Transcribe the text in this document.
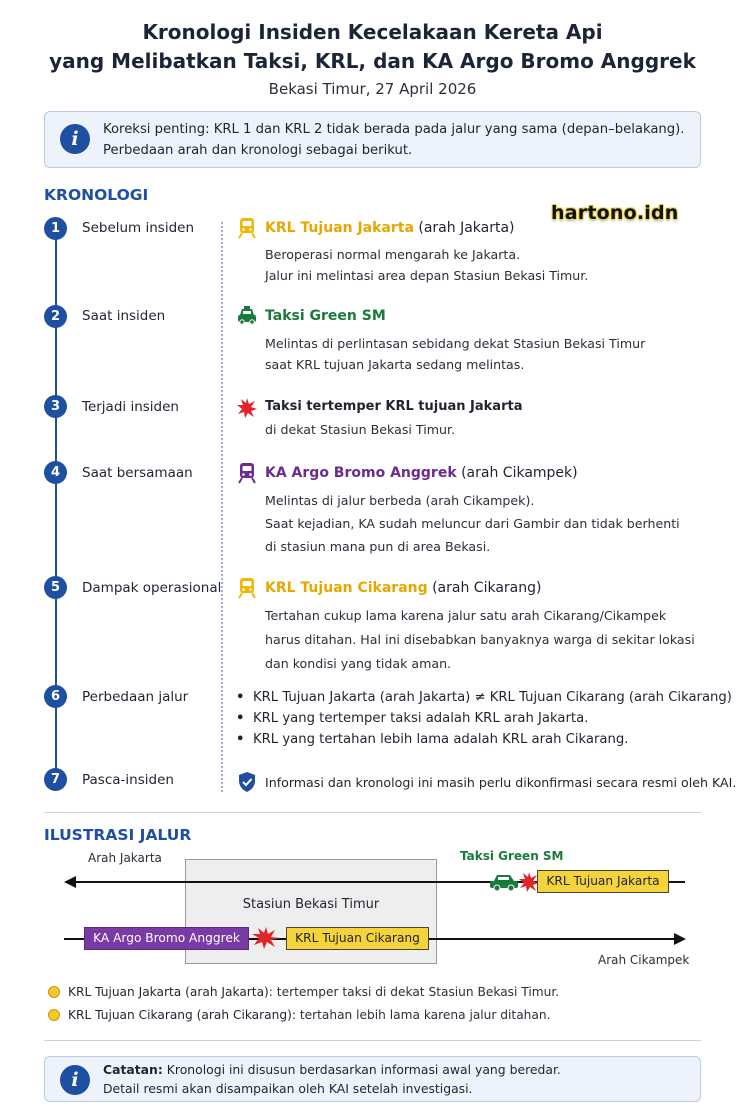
Kronologi Insiden Kecelakaan Kereta Api
yang Melibatkan Taksi, KRL, dan KA Argo Bromo Anggrek
Bekasi Timur, 27 April 2026
i	Koreksi penting: KRL 1 dan KRL 2 tidak berada pada jalur yang sama (depan–belakang).
Perbedaan arah dan kronologi sebagai berikut.
KRONOLOGI
hartono.idn
1	Sebelum insiden	KRL Tujuan Jakarta (arah Jakarta)
Beroperasi normal mengarah ke Jakarta.
Jalur ini melintasi area depan Stasiun Bekasi Timur.
2	Saat insiden	Taksi Green SM
Melintas di perlintasan sebidang dekat Stasiun Bekasi Timur
saat KRL tujuan Jakarta sedang melintas.
3	Terjadi insiden	Taksi tertemper KRL tujuan Jakarta
di dekat Stasiun Bekasi Timur.
4	Saat bersamaan	KA Argo Bromo Anggrek (arah Cikampek)
Melintas di jalur berbeda (arah Cikampek).
Saat kejadian, KA sudah meluncur dari Gambir dan tidak berhenti
di stasiun mana pun di area Bekasi.
5	Dampak operasional	KRL Tujuan Cikarang (arah Cikarang)
Tertahan cukup lama karena jalur satu arah Cikarang/Cikampek
harus ditahan. Hal ini disebabkan banyaknya warga di sekitar lokasi
dan kondisi yang tidak aman.
6	Perbedaan jalur	• KRL Tujuan Jakarta (arah Jakarta) ≠ KRL Tujuan Cikarang (arah Cikarang)
• KRL yang tertemper taksi adalah KRL arah Jakarta.
• KRL yang tertahan lebih lama adalah KRL arah Cikarang.
7	Pasca-insiden	Informasi dan kronologi ini masih perlu dikonfirmasi secara resmi oleh KAI.
ILUSTRASI JALUR
Stasiun Bekasi Timur
Arah Jakarta
Arah Cikampek
Taksi Green SM
KRL Tujuan Jakarta
KA Argo Bromo Anggrek	KRL Tujuan Cikarang
KRL Tujuan Jakarta (arah Jakarta): tertemper taksi di dekat Stasiun Bekasi Timur.
KRL Tujuan Cikarang (arah Cikarang): tertahan lebih lama karena jalur ditahan.
i	Catatan: Kronologi ini disusun berdasarkan informasi awal yang beredar.
Detail resmi akan disampaikan oleh KAI setelah investigasi.
